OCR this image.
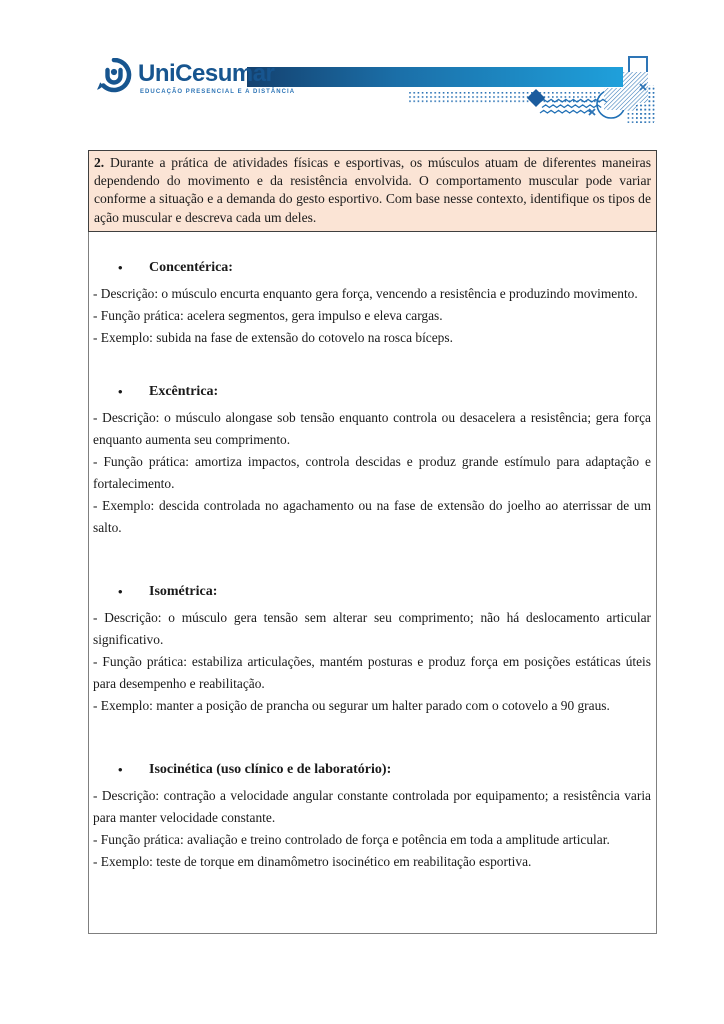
UniCesumar
EDUCAÇÃO PRESENCIAL E A DISTÂNCIA
2. Durante a prática de atividades físicas e esportivas, os músculos atuam de diferentes maneiras dependendo do movimento e da resistência envolvida. O comportamento muscular pode variar conforme a situação e a demanda do gesto esportivo. Com base nesse contexto, identifique os tipos de ação muscular e descreva cada um deles.
•	Concentérica:

- Descrição: o músculo encurta enquanto gera força, vencendo a resistência e produzindo movimento.

- Função prática: acelera segmentos, gera impulso e eleva cargas.

- Exemplo: subida na fase de extensão do cotovelo na rosca bíceps.

•	Excêntrica:

- Descrição: o músculo alongase sob tensão enquanto controla ou desacelera a resistência; gera força enquanto aumenta seu comprimento.

- Função prática: amortiza impactos, controla descidas e produz grande estímulo para adaptação e fortalecimento.

- Exemplo: descida controlada no agachamento ou na fase de extensão do joelho ao aterrissar de um salto.

•	Isométrica:

- Descrição: o músculo gera tensão sem alterar seu comprimento; não há deslocamento articular significativo.

- Função prática: estabiliza articulações, mantém posturas e produz força em posições estáticas úteis para desempenho e reabilitação.

- Exemplo: manter a posição de prancha ou segurar um halter parado com o cotovelo a 90 graus.

•	Isocinética (uso clínico e de laboratório):

- Descrição: contração a velocidade angular constante controlada por equipamento; a resistência varia para manter velocidade constante.

- Função prática: avaliação e treino controlado de força e potência em toda a amplitude articular.

- Exemplo: teste de torque em dinamômetro isocinético em reabilitação esportiva.
